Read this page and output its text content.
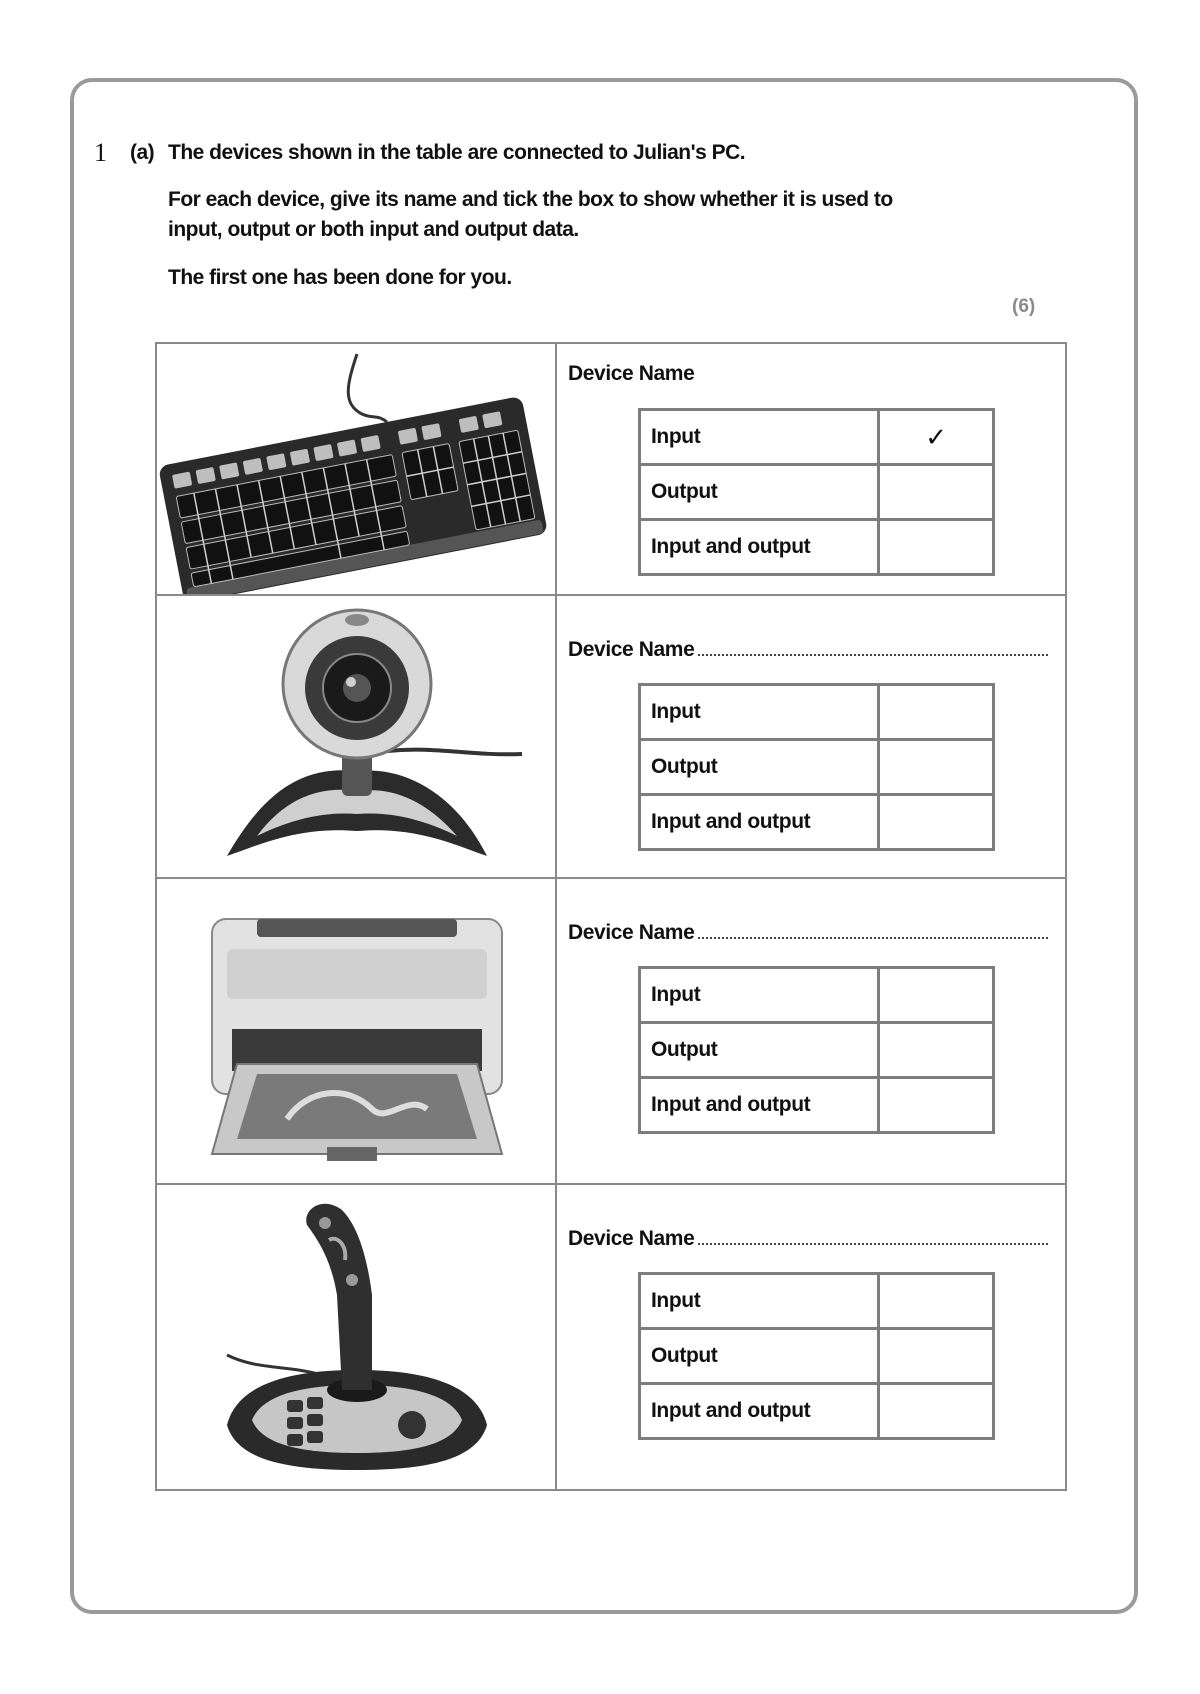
1 (a) The devices shown in the table are connected to Julian's PC.
For each device, give its name and tick the box to show whether it is used to
input, output or both input and output data.
The first one has been done for you.
(6)

Device Name
Input	✓
Output	
Input and output	

Device Name
Input	
Output	
Input and output	

Device Name
Input	
Output	
Input and output	

Device Name
Input	
Output	
Input and output	
